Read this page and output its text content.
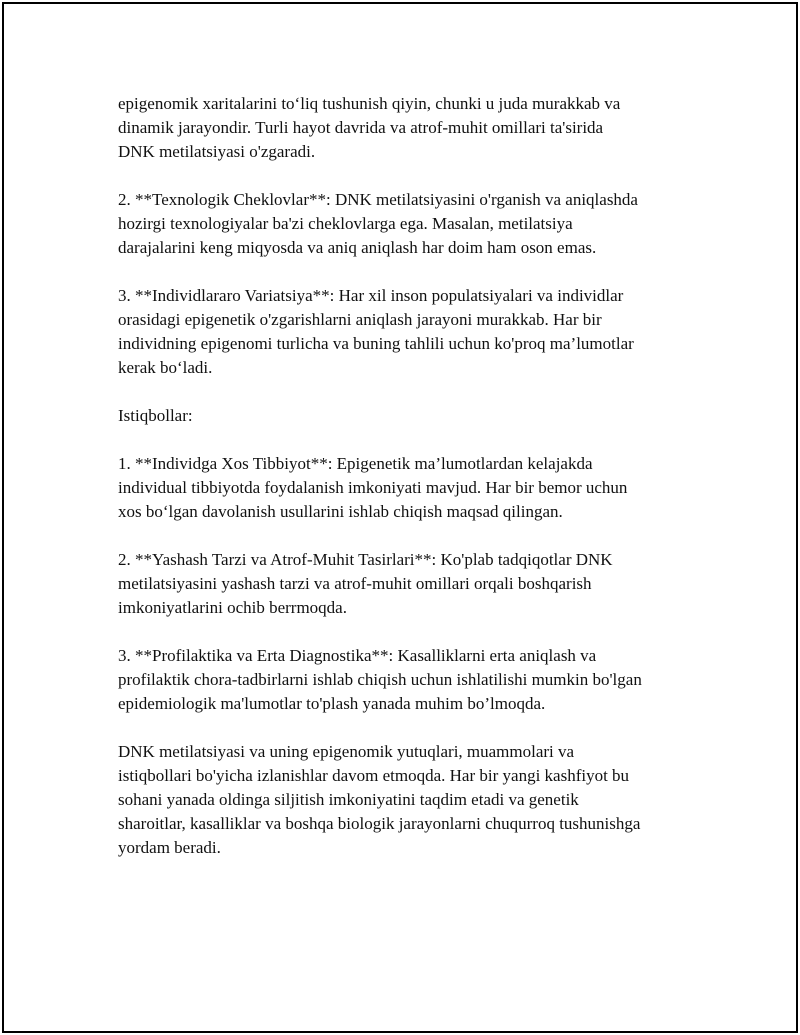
epigenomik xaritalarini to‘liq tushunish qiyin, chunki u juda murakkab va
dinamik jarayondir. Turli hayot davrida va atrof-muhit omillari ta'sirida
DNK metilatsiyasi o'zgaradi.

2. **Texnologik Cheklovlar**: DNK metilatsiyasini o'rganish va aniqlashda
hozirgi texnologiyalar ba'zi cheklovlarga ega. Masalan, metilatsiya
darajalarini keng miqyosda va aniq aniqlash har doim ham oson emas.

3. **Individlararo Variatsiya**: Har xil inson populatsiyalari va individlar
orasidagi epigenetik o'zgarishlarni aniqlash jarayoni murakkab. Har bir
individning epigenomi turlicha va buning tahlili uchun ko'proq ma’lumotlar
kerak bo‘ladi.

Istiqbollar:

1. **Individga Xos Tibbiyot**: Epigenetik ma’lumotlardan kelajakda
individual tibbiyotda foydalanish imkoniyati mavjud. Har bir bemor uchun
xos bo‘lgan davolanish usullarini ishlab chiqish maqsad qilingan.

2. **Yashash Tarzi va Atrof-Muhit Tasirlari**: Ko'plab tadqiqotlar DNK
metilatsiyasini yashash tarzi va atrof-muhit omillari orqali boshqarish
imkoniyatlarini ochib berrmoqda.

3. **Profilaktika va Erta Diagnostika**: Kasalliklarni erta aniqlash va
profilaktik chora-tadbirlarni ishlab chiqish uchun ishlatilishi mumkin bo'lgan
epidemiologik ma'lumotlar to'plash yanada muhim bo’lmoqda.

DNK metilatsiyasi va uning epigenomik yutuqlari, muammolari va
istiqbollari bo'yicha izlanishlar davom etmoqda. Har bir yangi kashfiyot bu
sohani yanada oldinga siljitish imkoniyatini taqdim etadi va genetik
sharoitlar, kasalliklar va boshqa biologik jarayonlarni chuqurroq tushunishga
yordam beradi.
